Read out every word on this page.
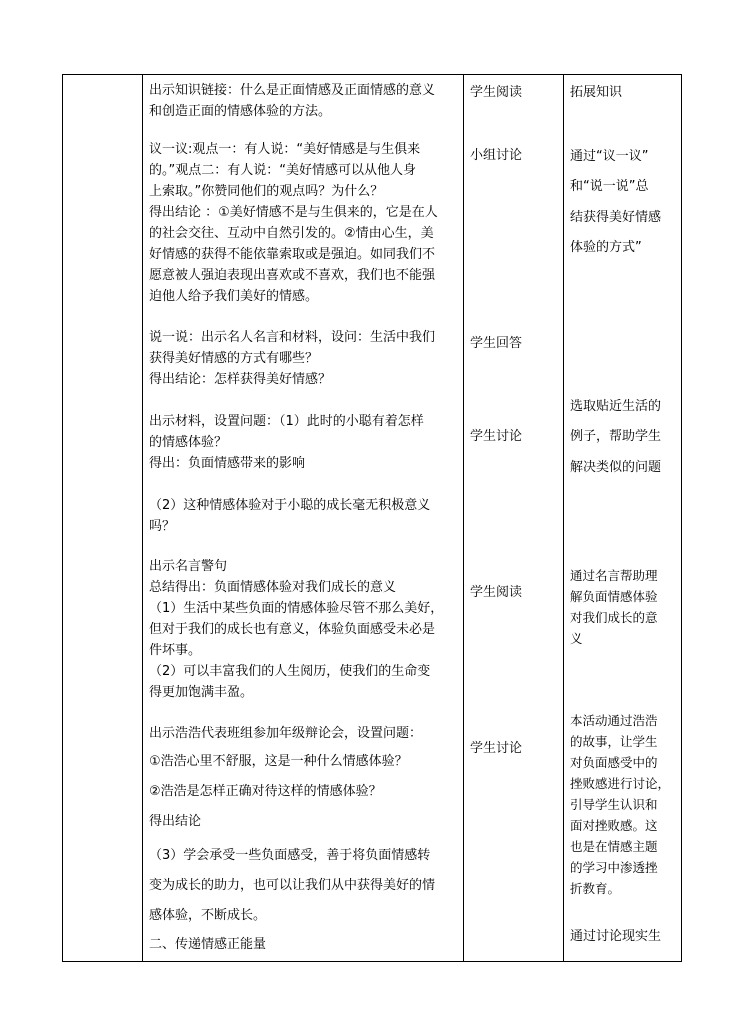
出示知识链接：什么是正面情感及正面情感的意义
和创造正面的情感体验的方法。
议一议:观点一：有人说：“美好情感是与生俱来
的。”观点二：有人说：“美好情感可以从他人身
上索取。”你赞同他们的观点吗？为什么？
得出结论 ：①美好情感不是与生俱来的，它是在人
的社会交往、互动中自然引发的。②情由心生，美
好情感的获得不能依靠索取或是强迫。如同我们不
愿意被人强迫表现出喜欢或不喜欢，我们也不能强
迫他人给予我们美好的情感。
说一说：出示名人名言和材料，设问：生活中我们
获得美好情感的方式有哪些？
得出结论：怎样获得美好情感？
出示材料，设置问题：（1）此时的小聪有着怎样
的情感体验？
得出：负面情感带来的影响
（2）这种情感体验对于小聪的成长毫无积极意义
吗？
出示名言警句
总结得出：负面情感体验对我们成长的意义
（1）生活中某些负面的情感体验尽管不那么美好，
但对于我们的成长也有意义，体验负面感受未必是
件坏事。
（2）可以丰富我们的人生阅历，使我们的生命变
得更加饱满丰盈。
出示浩浩代表班组参加年级辩论会，设置问题：
①浩浩心里不舒服，这是一种什么情感体验？
②浩浩是怎样正确对待这样的情感体验？
得出结论
（3）学会承受一些负面感受，善于将负面情感转
变为成长的助力，也可以让我们从中获得美好的情
感体验，不断成长。
二、传递情感正能量
学生阅读
小组讨论
学生回答
学生讨论
学生阅读
学生讨论
拓展知识
通过“议一议”
和“说一说”总
结获得美好情感
体验的方式”
选取贴近生活的
例子，帮助学生
解决类似的问题
通过名言帮助理
解负面情感体验
对我们成长的意
义
本活动通过浩浩
的故事，让学生
对负面感受中的
挫败感进行讨论，
引导学生认识和
面对挫败感。这
也是在情感主题
的学习中渗透挫
折教育。
通过讨论现实生
